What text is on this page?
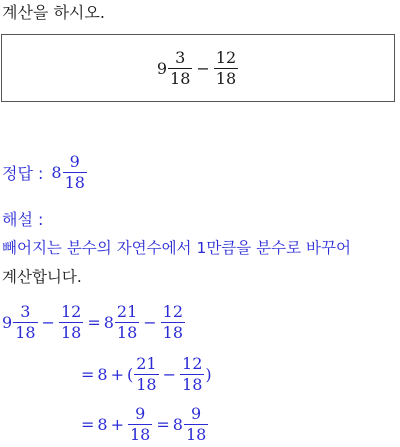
계산을 하시오.
$9 \frac{3}{18} - \frac{12}{18}$
정답 : $8 \frac{9}{18}$
해설 :
빼어지는 분수의 자연수에서 1만큼을 분수로 바꾸어
계산합니다.
$9 \frac{3}{18} - \frac{12}{18} = 8 \frac{21}{18} - \frac{12}{18}$
= 8 + ( $\frac{21}{18} - \frac{12}{18}$ )
= $8 + \frac{9}{18} = 8 \frac{9}{18}$
